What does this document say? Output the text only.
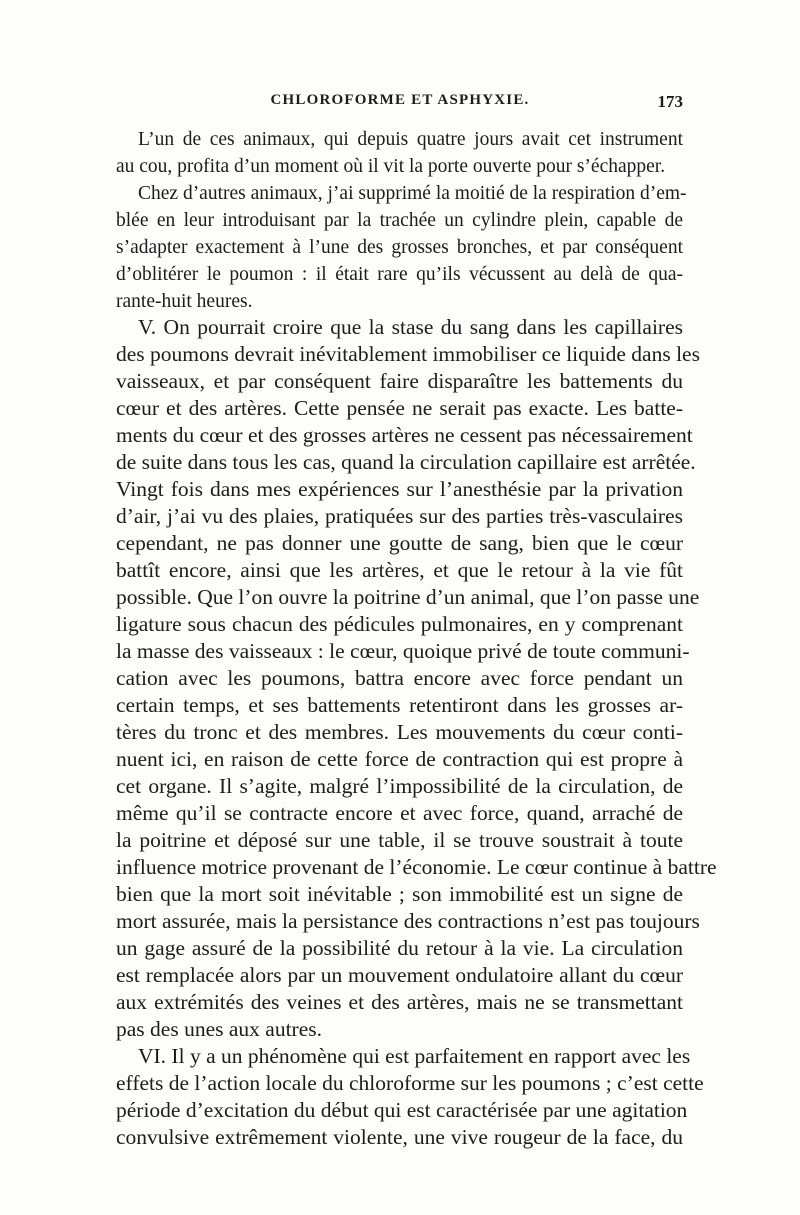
CHLOROFORME ET ASPHYXIE.	173
L’un de ces animaux, qui depuis quatre jours avait cet instrument
au cou, profita d’un moment où il vit la porte ouverte pour s’échapper.
Chez d’autres animaux, j’ai supprimé la moitié de la respiration d’em-
blée en leur introduisant par la trachée un cylindre plein, capable de
s’adapter exactement à l’une des grosses bronches, et par conséquent
d’oblitérer le poumon : il était rare qu’ils vécussent au delà de qua-
rante-huit heures.
V. On pourrait croire que la stase du sang dans les capillaires
des poumons devrait inévitablement immobiliser ce liquide dans les
vaisseaux, et par conséquent faire disparaître les battements du
cœur et des artères. Cette pensée ne serait pas exacte. Les batte-
ments du cœur et des grosses artères ne cessent pas nécessairement
de suite dans tous les cas, quand la circulation capillaire est arrêtée.
Vingt fois dans mes expériences sur l’anesthésie par la privation
d’air, j’ai vu des plaies, pratiquées sur des parties très-vasculaires
cependant, ne pas donner une goutte de sang, bien que le cœur
battît encore, ainsi que les artères, et que le retour à la vie fût
possible. Que l’on ouvre la poitrine d’un animal, que l’on passe une
ligature sous chacun des pédicules pulmonaires, en y comprenant
la masse des vaisseaux : le cœur, quoique privé de toute communi-
cation avec les poumons, battra encore avec force pendant un
certain temps, et ses battements retentiront dans les grosses ar-
tères du tronc et des membres. Les mouvements du cœur conti-
nuent ici, en raison de cette force de contraction qui est propre à
cet organe. Il s’agite, malgré l’impossibilité de la circulation, de
même qu’il se contracte encore et avec force, quand, arraché de
la poitrine et déposé sur une table, il se trouve soustrait à toute
influence motrice provenant de l’économie. Le cœur continue à battre
bien que la mort soit inévitable ; son immobilité est un signe de
mort assurée, mais la persistance des contractions n’est pas toujours
un gage assuré de la possibilité du retour à la vie. La circulation
est remplacée alors par un mouvement ondulatoire allant du cœur
aux extrémités des veines et des artères, mais ne se transmettant
pas des unes aux autres.
VI. Il y a un phénomène qui est parfaitement en rapport avec les
effets de l’action locale du chloroforme sur les poumons ; c’est cette
période d’excitation du début qui est caractérisée par une agitation
convulsive extrêmement violente, une vive rougeur de la face, du
